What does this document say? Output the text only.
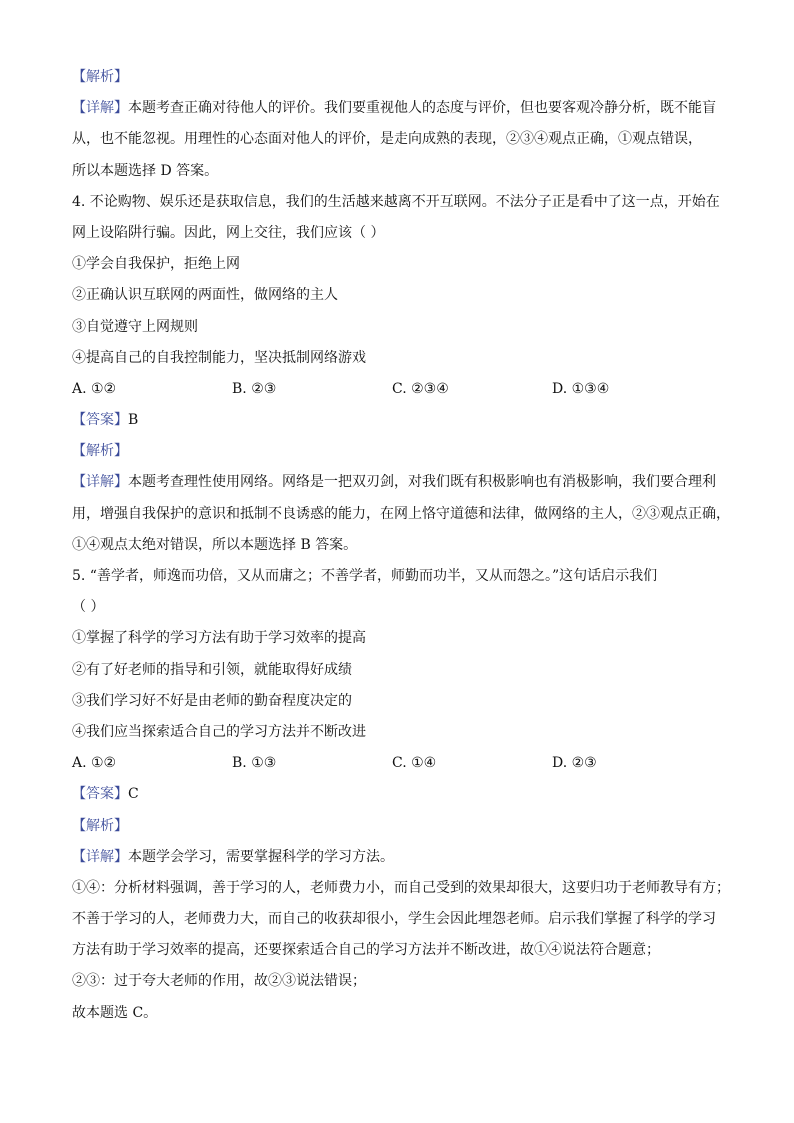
【解析】
【详解】本题考查正确对待他人的评价。我们要重视他人的态度与评价，但也要客观冷静分析，既不能盲
从，也不能忽视。用理性的心态面对他人的评价，是走向成熟的表现，②③④观点正确，①观点错误，
所以本题选择 D 答案。
4. 不论购物、娱乐还是获取信息，我们的生活越来越离不开互联网。不法分子正是看中了这一点，开始在
网上设陷阱行骗。因此，网上交往，我们应该（ ）
①学会自我保护，拒绝上网
②正确认识互联网的两面性，做网络的主人
③自觉遵守上网规则
④提高自己的自我控制能力，坚决抵制网络游戏
A. ①②	B. ②③	C. ②③④	D. ①③④
【答案】B
【解析】
【详解】本题考查理性使用网络。网络是一把双刃剑，对我们既有积极影响也有消极影响，我们要合理利
用，增强自我保护的意识和抵制不良诱惑的能力，在网上恪守道德和法律，做网络的主人，②③观点正确，
①④观点太绝对错误，所以本题选择 B 答案。
5. “善学者，师逸而功倍，又从而庸之；不善学者，师勤而功半，又从而怨之。”这句话启示我们
（ ）
①掌握了科学的学习方法有助于学习效率的提高
②有了好老师的指导和引领，就能取得好成绩
③我们学习好不好是由老师的勤奋程度决定的
④我们应当探索适合自己的学习方法并不断改进
A. ①②	B. ①③	C. ①④	D. ②③
【答案】C
【解析】
【详解】本题学会学习，需要掌握科学的学习方法。
①④：分析材料强调，善于学习的人，老师费力小，而自己受到的效果却很大，这要归功于老师教导有方；
不善于学习的人，老师费力大，而自己的收获却很小，学生会因此埋怨老师。启示我们掌握了科学的学习
方法有助于学习效率的提高，还要探索适合自己的学习方法并不断改进，故①④说法符合题意；
②③：过于夸大老师的作用，故②③说法错误；
故本题选 C。
